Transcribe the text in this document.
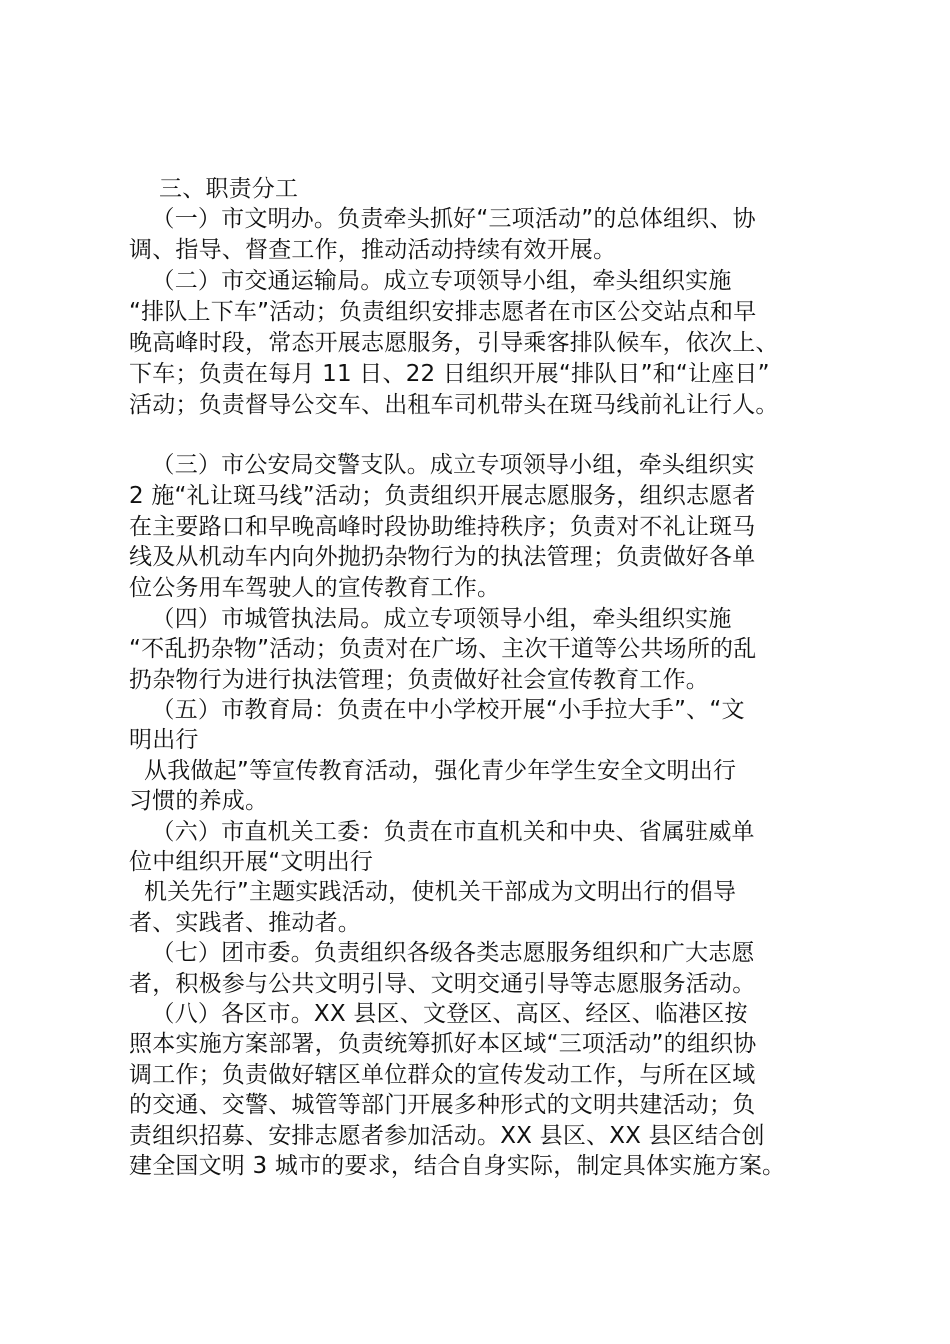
三、职责分工
（一）市文明办。负责牵头抓好“三项活动”的总体组织、协
调、指导、督查工作，推动活动持续有效开展。
（二）市交通运输局。成立专项领导小组，牵头组织实施
“排队上下车”活动；负责组织安排志愿者在市区公交站点和早
晚高峰时段，常态开展志愿服务，引导乘客排队候车，依次上、
下车；负责在每月 11 日、22 日组织开展“排队日”和“让座日”
活动；负责督导公交车、出租车司机带头在斑马线前礼让行人。
（三）市公安局交警支队。成立专项领导小组，牵头组织实
2 施“礼让斑马线”活动；负责组织开展志愿服务，组织志愿者
在主要路口和早晚高峰时段协助维持秩序；负责对不礼让斑马
线及从机动车内向外抛扔杂物行为的执法管理；负责做好各单
位公务用车驾驶人的宣传教育工作。
（四）市城管执法局。成立专项领导小组，牵头组织实施
“不乱扔杂物”活动；负责对在广场、主次干道等公共场所的乱
扔杂物行为进行执法管理；负责做好社会宣传教育工作。
（五）市教育局：负责在中小学校开展“小手拉大手”、“文
明出行
从我做起”等宣传教育活动，强化青少年学生安全文明出行
习惯的养成。
（六）市直机关工委：负责在市直机关和中央、省属驻威单
位中组织开展“文明出行
机关先行”主题实践活动，使机关干部成为文明出行的倡导
者、实践者、推动者。
（七）团市委。负责组织各级各类志愿服务组织和广大志愿
者，积极参与公共文明引导、文明交通引导等志愿服务活动。
（八）各区市。XX 县区、文登区、高区、经区、临港区按
照本实施方案部署，负责统筹抓好本区域“三项活动”的组织协
调工作；负责做好辖区单位群众的宣传发动工作，与所在区域
的交通、交警、城管等部门开展多种形式的文明共建活动；负
责组织招募、安排志愿者参加活动。XX 县区、XX 县区结合创
建全国文明 3 城市的要求，结合自身实际，制定具体实施方案。
